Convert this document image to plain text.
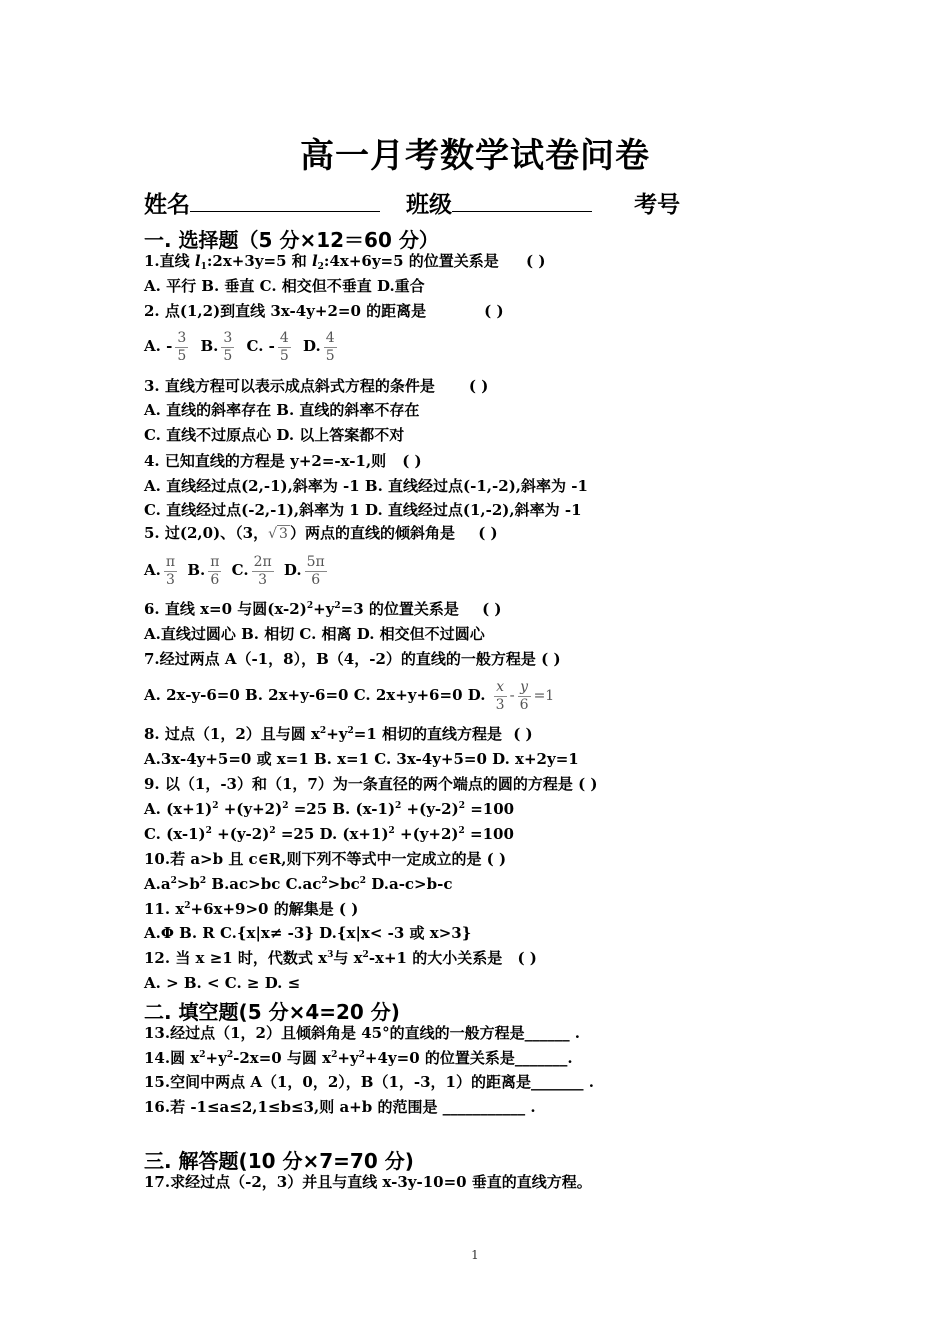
高一月考数学试卷问卷
姓名	班级	考号
一. 选择题（5 分×12＝60 分）
1.直线 $l_1:2x+3y=5$ 和 $l_2:4x+6y=5$ 的位置关系是 ( )
A. 平行 B. 垂直 C. 相交但不垂直 D.重合
2. 点(1,2)到直线 3x-4y+2=0 的距离是	( )
A. - $\frac{3}{5} B$. $\frac{3}{5} C$. - $\frac{4}{5} D$. $\frac{4}{5}$
3. 直线方程可以表示成点斜式方程的条件是 ( )
A. 直线的斜率存在 B. 直线的斜率不存在
C. 直线不过原点心 D. 以上答案都不对
4. 已知直线的方程是 y+2=-x-1,则 ( )
A. 直线经过点(2,-1),斜率为 -1 B. 直线经过点(-1,-2),斜率为 -1
C. 直线经过点(-2,-1),斜率为 1 D. 直线经过点(1,-2),斜率为 -1
5. 过(2,0)、（3，√ 3 ）两点的直线的倾斜角是 ( )
A. $\frac{\pi}{3} B$. $\frac{\pi}{6} C$. $\frac{2\pi}{3} D$. $\frac{5\pi}{6}$
6. 直线 x=0 与圆$(x-2)^2+y^2=3$ 的位置关系是 ( )
A.直线过圆心 B. 相切 C. 相离 D. 相交但不过圆心
7.经过两点 A（-1，8），B（4，-2）的直线的一般方程是 ( )
A. 2x-y-6=0 B. 2x+y-6=0 C. 2x+y+6=0 D. $\frac{x}{3} - \frac{y}{6} =1$
8. 过点（1，2）且与圆 $x^2+y^2=1$ 相切的直线方程是 ( )
A.3x-4y+5=0 或 x=1 B. x=1 C. 3x-4y+5=0 D. x+2y=1
9. 以（1，-3）和（1，7）为一条直径的两个端点的圆的方程是 ( )
A. $(x+1)^2 +(y+2)^2 =25$ B. $(x-1)^2 +(y-2)^2 =100$
C. $(x-1)^2 +(y-2)^2 =25$ D. $(x+1)^2 +(y+2)^2 =100$
10.若 a>b 且 c∈R,则下列不等式中一定成立的是 ( )
$A.a^2>b^2$ B.ac>bc $C.ac^2>bc^2$ D.a-c>b-c
11. $x^2+6x+9>0$ 的解集是 ( )
A.Φ B. R C.{x|x≠ -3} D.{x|x< -3 或 x>3}
12. 当 x ≥1 时，代数式 $x^3$与 $x^2-x+1$ 的大小关系是 ( )
A. > B. < C. ≥ D. ≤
二. 填空题(5 分×4=20 分)
13.经过点（1，2）且倾斜角是 45°的直线的一般方程是______ .
14.圆 $x^2+y^2-2x=0$ 与圆 $x^2+y^2+4y=0$ 的位置关系是_______.
15.空间中两点 A（1，0，2），B（1，-3，1）的距离是_______ .
16.若 -1≤a≤2,1≤b≤3,则 a+b 的范围是 ___________ .
三. 解答题(10 分×7=70 分)
17.求经过点（-2，3）并且与直线 x-3y-10=0 垂直的直线方程。
1
